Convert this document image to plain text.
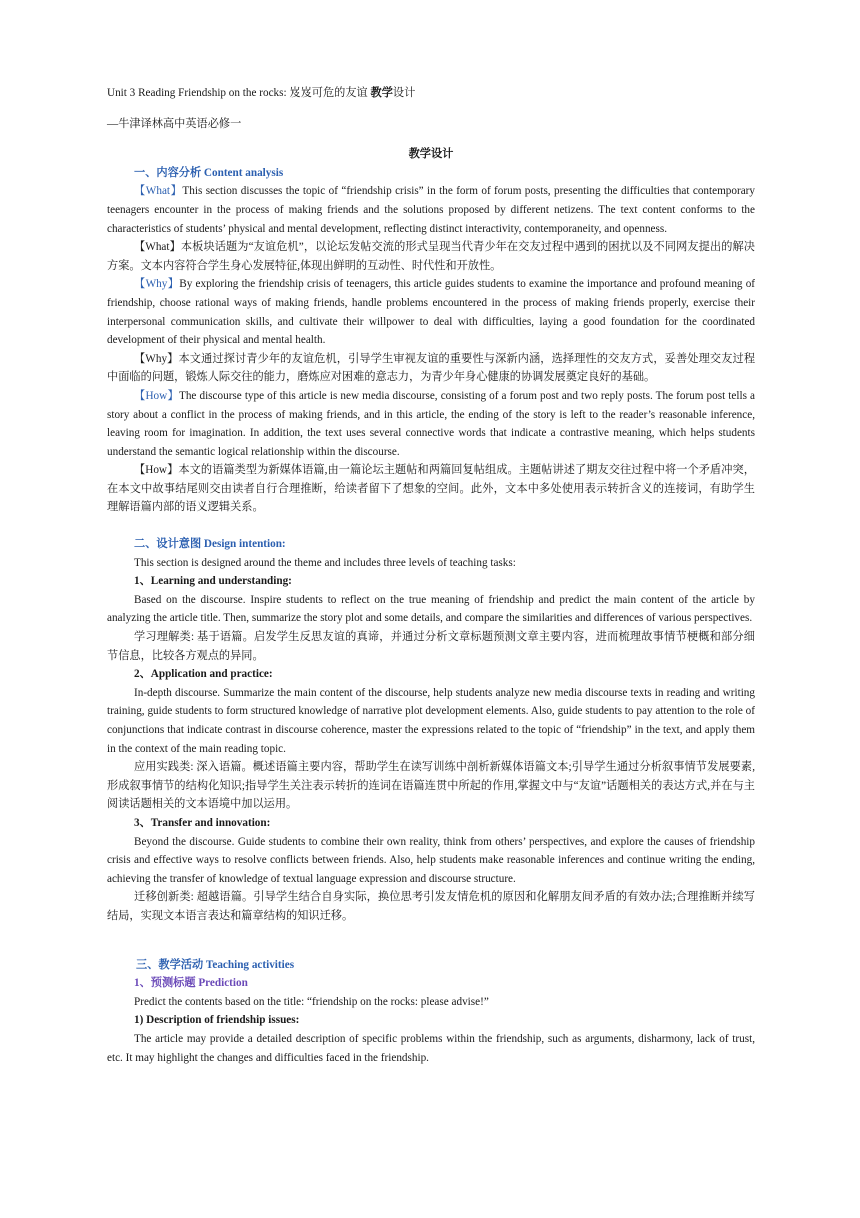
Unit 3 Reading Friendship on the rocks: 岌岌可危的友谊 教学设计

—牛津译林高中英语必修一

教学设计

一、内容分析 Content analysis

【What】This section discusses the topic of “friendship crisis” in the form of forum posts, presenting the difficulties that contemporary teenagers encounter in the process of making friends and the solutions proposed by different netizens. The text content conforms to the characteristics of students’ physical and mental development, reflecting distinct interactivity, contemporaneity, and openness.

【What】本板块话题为“友谊危机”，以论坛发帖交流的形式呈现当代青少年在交友过程中遇到的困扰以及不同网友提出的解决方案。文本内容符合学生身心发展特征,体现出鲜明的互动性、时代性和开放性。

【Why】By exploring the friendship crisis of teenagers, this article guides students to examine the importance and profound meaning of friendship, choose rational ways of making friends, handle problems encountered in the process of making friends properly, exercise their interpersonal communication skills, and cultivate their willpower to deal with difficulties, laying a good foundation for the coordinated development of their physical and mental health.

【Why】本文通过探讨青少年的友谊危机，引导学生审视友谊的重要性与深新内涵，选择理性的交友方式，妥善处理交友过程中面临的问题，锻炼人际交往的能力，磨炼应对困难的意志力，为青少年身心健康的协调发展奠定良好的基础。

【How】The discourse type of this article is new media discourse, consisting of a forum post and two reply posts. The forum post tells a story about a conflict in the process of making friends, and in this article, the ending of the story is left to the reader’s reasonable inference, leaving room for imagination. In addition, the text uses several connective words that indicate a contrastive meaning, which helps students understand the semantic logical relationship within the discourse.

【How】本文的语篇类型为新媒体语篇,由一篇论坛主题帖和两篇回复帖组成。主题帖讲述了期友交往过程中将一个矛盾冲突，在本文中故事结尾则交由读者自行合理推断，给读者留下了想象的空间。此外，文本中多处使用表示转折含义的连接词，有助学生理解语篇内部的语义逻辑关系。

二、设计意图 Design intention:

This section is designed around the theme and includes three levels of teaching tasks:

1、Learning and understanding:

Based on the discourse. Inspire students to reflect on the true meaning of friendship and predict the main content of the article by analyzing the article title. Then, summarize the story plot and some details, and compare the similarities and differences of various perspectives.

学习理解类: 基于语篇。启发学生反思友谊的真谛，并通过分析文章标题预测文章主要内容，进而梳理故事情节梗概和部分细节信息，比较各方观点的异同。

2、Application and practice:

In-depth discourse. Summarize the main content of the discourse, help students analyze new media discourse texts in reading and writing training, guide students to form structured knowledge of narrative plot development elements. Also, guide students to pay attention to the role of conjunctions that indicate contrast in discourse coherence, master the expressions related to the topic of “friendship” in the text, and apply them in the context of the main reading topic.

应用实践类: 深入语篇。概述语篇主要内容，帮助学生在读写训练中剖析新媒体语篇文本;引导学生通过分析叙事情节发展要素,形成叙事情节的结构化知识;指导学生关注表示转折的连词在语篇连贯中所起的作用,掌握文中与“友谊”话题相关的表达方式,并在与主阅读话题相关的文本语境中加以运用。

3、Transfer and innovation:

Beyond the discourse. Guide students to combine their own reality, think from others’ perspectives, and explore the causes of friendship crisis and effective ways to resolve conflicts between friends. Also, help students make reasonable inferences and continue writing the ending, achieving the transfer of knowledge of textual language expression and discourse structure.

迁移创新类: 超越语篇。引导学生结合自身实际，换位思考引发友情危机的原因和化解朋友间矛盾的有效办法;合理推断并续写结局，实现文本语言表达和篇章结构的知识迁移。

三、教学活动 Teaching activities

1、预测标题 Prediction

Predict the contents based on the title: “friendship on the rocks: please advise!”

1) Description of friendship issues:

The article may provide a detailed description of specific problems within the friendship, such as arguments, disharmony, lack of trust, etc. It may highlight the changes and difficulties faced in the friendship.
